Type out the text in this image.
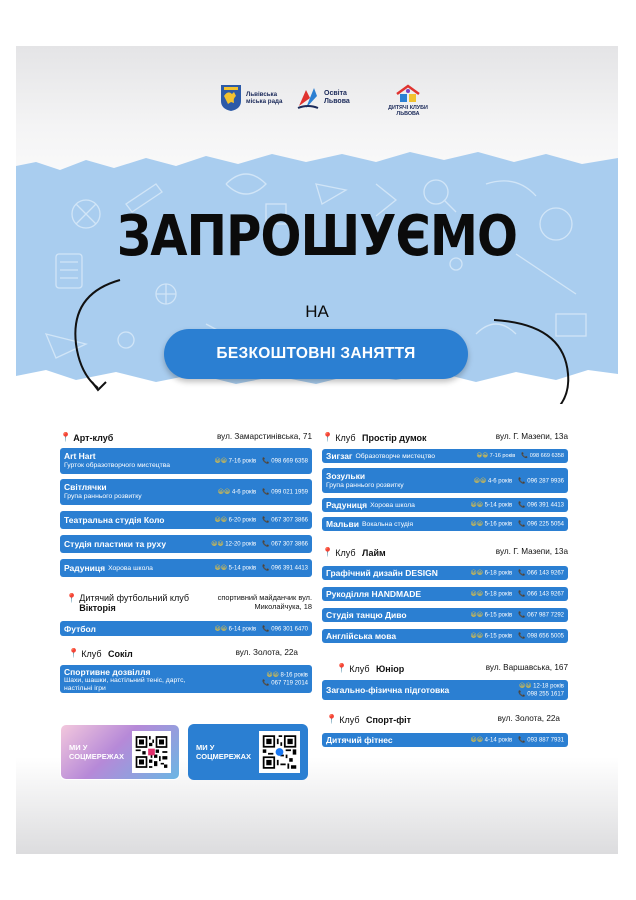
Львівська міська рада
Освіта Львова
ДИТЯЧІ КЛУБИ ЛЬВОВА
ЗАПРОШУЄМО
НА
БЕЗКОШТОВНІ ЗАНЯТТЯ
📍 Арт-клуб	вул. Замарстинівська, 71
Art Hart
Гурток образотворчого мистецтва
😀😀 7-16 років 📞 098 669 6358
Світлячки
Група раннього розвитку
😀😀 4-6 років 📞 099 021 1959
Театральна студія Коло	😀😀 6-20 років 📞 067 307 3866
Студія пластики та руху	😀😀 12-20 років 📞 067 307 3866
Радуниця Хорова школа	😀😀 5-14 років 📞 096 391 4413
📍 Дитячий футбольний клуб
Вікторія
спортивний майданчик вул. Миколайчука, 18
Футбол	😀😀 6-14 років 📞 096 301 6470
📍 Клуб
Сокіл	вул. Золота, 22а
Спортивне дозвілля
Шахи, шашки, настільний теніс, дартс, настільні ігри
😀😀 8-16 років
📞 067 719 2014
📍 Клуб
Простір думок	вул. Г. Мазепи, 13а
Зигзаг Образотворче мистецтво	😀😀 7-16 років 📞 098 669 6358
Зозульки
Група раннього розвитку
😀😀 4-6 років 📞 096 287 9936
Радуниця Хорова школа	😀😀 5-14 років 📞 096 391 4413
Мальви Вокальна студія	😀😀 5-16 років 📞 096 225 5054
📍 Клуб
Лайм	вул. Г. Мазепи, 13а
Графічний дизайн DESIGN	😀😀 6-18 років 📞 066 143 9267
Рукоділля HANDMADE	😀😀 5-18 років 📞 066 143 9267
Студія танцю Диво	😀😀 6-15 років 📞 067 987 7292
Англійська мова	😀😀 6-15 років 📞 098 656 5005
📍 Клуб
Юніор	вул. Варшавська, 167
Загально-фізична підготовка	😀😀 12-18 років
📞 098 255 1617
📍 Клуб
Спорт-фіт	вул. Золота, 22а
Дитячий фітнес	😀😀 4-14 років 📞 093 887 7931
МИ У СОЦМЕРЕЖАХ
МИ У СОЦМЕРЕЖАХ
